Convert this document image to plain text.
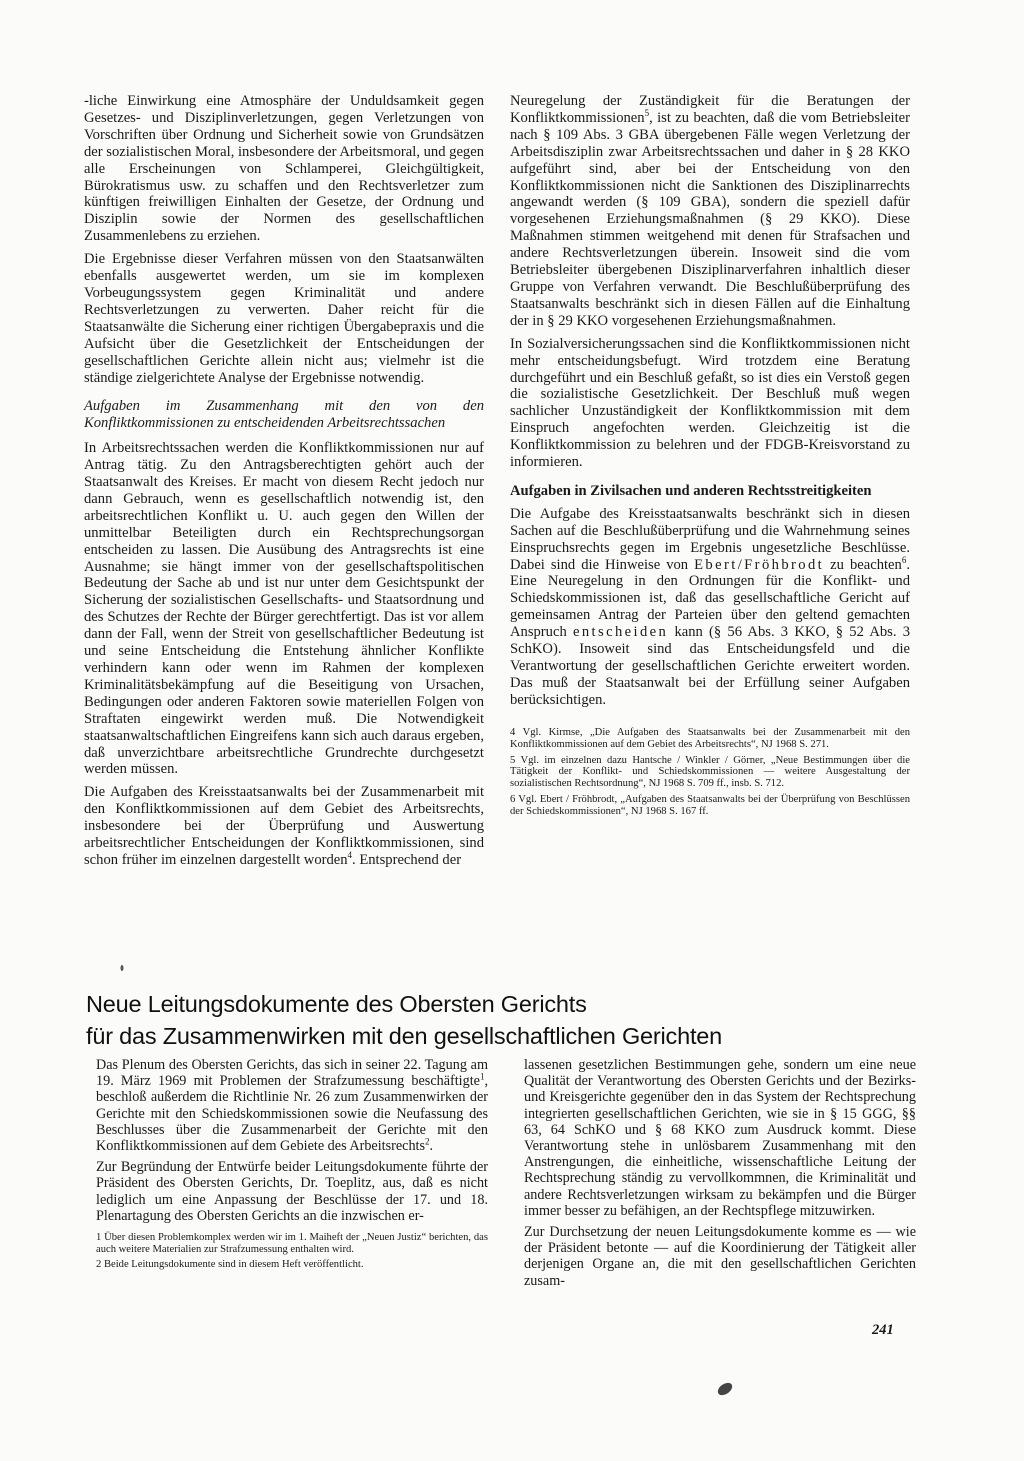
-liche Einwirkung eine Atmosphäre der Unduldsamkeit gegen Gesetzes- und Disziplinverletzungen, gegen Verletzungen von Vorschriften über Ordnung und Sicherheit sowie von Grundsätzen der sozialistischen Moral, insbesondere der Arbeitsmoral, und gegen alle Erscheinungen von Schlamperei, Gleichgültigkeit, Bürokratismus usw. zu schaffen und den Rechtsverletzer zum künftigen freiwilligen Einhalten der Gesetze, der Ordnung und Disziplin sowie der Normen des gesellschaftlichen Zusammenlebens zu erziehen.

Die Ergebnisse dieser Verfahren müssen von den Staatsanwälten ebenfalls ausgewertet werden, um sie im komplexen Vorbeugungssystem gegen Kriminalität und andere Rechtsverletzungen zu verwerten. Daher reicht für die Staatsanwälte die Sicherung einer richtigen Übergabepraxis und die Aufsicht über die Gesetzlichkeit der Entscheidungen der gesellschaftlichen Gerichte allein nicht aus; vielmehr ist die ständige zielgerichtete Analyse der Ergebnisse notwendig.

Aufgaben im Zusammenhang mit den von den Konfliktkommissionen zu entscheidenden Arbeitsrechtssachen

In Arbeitsrechtssachen werden die Konfliktkommissionen nur auf Antrag tätig. Zu den Antragsberechtigten gehört auch der Staatsanwalt des Kreises. Er macht von diesem Recht jedoch nur dann Gebrauch, wenn es gesellschaftlich notwendig ist, den arbeitsrechtlichen Konflikt u. U. auch gegen den Willen der unmittelbar Beteiligten durch ein Rechtsprechungsorgan entscheiden zu lassen. Die Ausübung des Antragsrechts ist eine Ausnahme; sie hängt immer von der gesellschaftspolitischen Bedeutung der Sache ab und ist nur unter dem Gesichtspunkt der Sicherung der sozialistischen Gesellschafts- und Staatsordnung und des Schutzes der Rechte der Bürger gerechtfertigt. Das ist vor allem dann der Fall, wenn der Streit von gesellschaftlicher Bedeutung ist und seine Entscheidung die Entstehung ähnlicher Konflikte verhindern kann oder wenn im Rahmen der komplexen Kriminalitätsbekämpfung auf die Beseitigung von Ursachen, Bedingungen oder anderen Faktoren sowie materiellen Folgen von Straftaten eingewirkt werden muß. Die Notwendigkeit staatsanwaltschaftlichen Eingreifens kann sich auch daraus ergeben, daß unverzichtbare arbeitsrechtliche Grundrechte durchgesetzt werden müssen.

Die Aufgaben des Kreisstaatsanwalts bei der Zusammenarbeit mit den Konfliktkommissionen auf dem Gebiet des Arbeitsrechts, insbesondere bei der Überprüfung und Auswertung arbeitsrechtlicher Entscheidungen der Konfliktkommissionen, sind schon früher im einzelnen dargestellt worden$^4$. Entsprechend der

Neuregelung der Zuständigkeit für die Beratungen der Konfliktkommissionen$^5$, ist zu beachten, daß die vom Betriebsleiter nach § 109 Abs. 3 GBA übergebenen Fälle wegen Verletzung der Arbeitsdisziplin zwar Arbeitsrechtssachen und daher in § 28 KKO aufgeführt sind, aber bei der Entscheidung von den Konfliktkommissionen nicht die Sanktionen des Disziplinarrechts angewandt werden (§ 109 GBA), sondern die speziell dafür vorgesehenen Erziehungsmaßnahmen (§ 29 KKO). Diese Maßnahmen stimmen weitgehend mit denen für Strafsachen und andere Rechtsverletzungen überein. Insoweit sind die vom Betriebsleiter übergebenen Disziplinarverfahren inhaltlich dieser Gruppe von Verfahren verwandt. Die Beschlußüberprüfung des Staatsanwalts beschränkt sich in diesen Fällen auf die Einhaltung der in § 29 KKO vorgesehenen Erziehungsmaßnahmen.

In Sozialversicherungssachen sind die Konfliktkommissionen nicht mehr entscheidungsbefugt. Wird trotzdem eine Beratung durchgeführt und ein Beschluß gefaßt, so ist dies ein Verstoß gegen die sozialistische Gesetzlichkeit. Der Beschluß muß wegen sachlicher Unzuständigkeit der Konfliktkommission mit dem Einspruch angefochten werden. Gleichzeitig ist die Konfliktkommission zu belehren und der FDGB-Kreisvorstand zu informieren.

Aufgaben in Zivilsachen und anderen Rechtsstreitigkeiten

Die Aufgabe des Kreisstaatsanwalts beschränkt sich in diesen Sachen auf die Beschlußüberprüfung und die Wahrnehmung seines Einspruchsrechts gegen im Ergebnis ungesetzliche Beschlüsse. Dabei sind die Hinweise von Ebert/Fröhbrodt zu beachten$^6$. Eine Neuregelung in den Ordnungen für die Konflikt- und Schiedskommissionen ist, daß das gesellschaftliche Gericht auf gemeinsamen Antrag der Parteien über den geltend gemachten Anspruch entscheiden kann (§ 56 Abs. 3 KKO, § 52 Abs. 3 SchKO). Insoweit sind das Entscheidungsfeld und die Verantwortung der gesellschaftlichen Gerichte erweitert worden. Das muß der Staatsanwalt bei der Erfüllung seiner Aufgaben berücksichtigen.

4 Vgl. Kirmse, „Die Aufgaben des Staatsanwalts bei der Zusammenarbeit mit den Konfliktkommissionen auf dem Gebiet des Arbeitsrechts“, NJ 1968 S. 271.

5 Vgl. im einzelnen dazu Hantsche / Winkler / Görner, „Neue Bestimmungen über die Tätigkeit der Konflikt- und Schiedskommissionen — weitere Ausgestaltung der sozialistischen Rechtsordnung“, NJ 1968 S. 709 ff., insb. S. 712.

6 Vgl. Ebert / Fröhbrodt, „Aufgaben des Staatsanwalts bei der Überprüfung von Beschlüssen der Schiedskommissionen“, NJ 1968 S. 167 ff.

Neue Leitungsdokumente des Obersten Gerichts
für das Zusammenwirken mit den gesellschaftlichen Gerichten

Das Plenum des Obersten Gerichts, das sich in seiner 22. Tagung am 19. März 1969 mit Problemen der Strafzumessung beschäftigte$^1$, beschloß außerdem die Richtlinie Nr. 26 zum Zusammenwirken der Gerichte mit den Schiedskommissionen sowie die Neufassung des Beschlusses über die Zusammenarbeit der Gerichte mit den Konfliktkommissionen auf dem Gebiete des Arbeitsrechts$^2$.

Zur Begründung der Entwürfe beider Leitungsdokumente führte der Präsident des Obersten Gerichts, Dr. Toeplitz, aus, daß es nicht lediglich um eine Anpassung der Beschlüsse der 17. und 18. Plenartagung des Obersten Gerichts an die inzwischen er-

1 Über diesen Problemkomplex werden wir im 1. Maiheft der „Neuen Justiz“ berichten, das auch weitere Materialien zur Strafzumessung enthalten wird.

2 Beide Leitungsdokumente sind in diesem Heft veröffentlicht.

lassenen gesetzlichen Bestimmungen gehe, sondern um eine neue Qualität der Verantwortung des Obersten Gerichts und der Bezirks- und Kreisgerichte gegenüber den in das System der Rechtsprechung integrierten gesellschaftlichen Gerichten, wie sie in § 15 GGG, §§ 63, 64 SchKO und § 68 KKO zum Ausdruck kommt. Diese Verantwortung stehe in unlösbarem Zusammenhang mit den Anstrengungen, die einheitliche, wissenschaftliche Leitung der Rechtsprechung ständig zu vervollkommnen, die Kriminalität und andere Rechtsverletzungen wirksam zu bekämpfen und die Bürger immer besser zu befähigen, an der Rechtspflege mitzuwirken.

Zur Durchsetzung der neuen Leitungsdokumente komme es — wie der Präsident betonte — auf die Koordinierung der Tätigkeit aller derjenigen Organe an, die mit den gesellschaftlichen Gerichten zusam-

241
